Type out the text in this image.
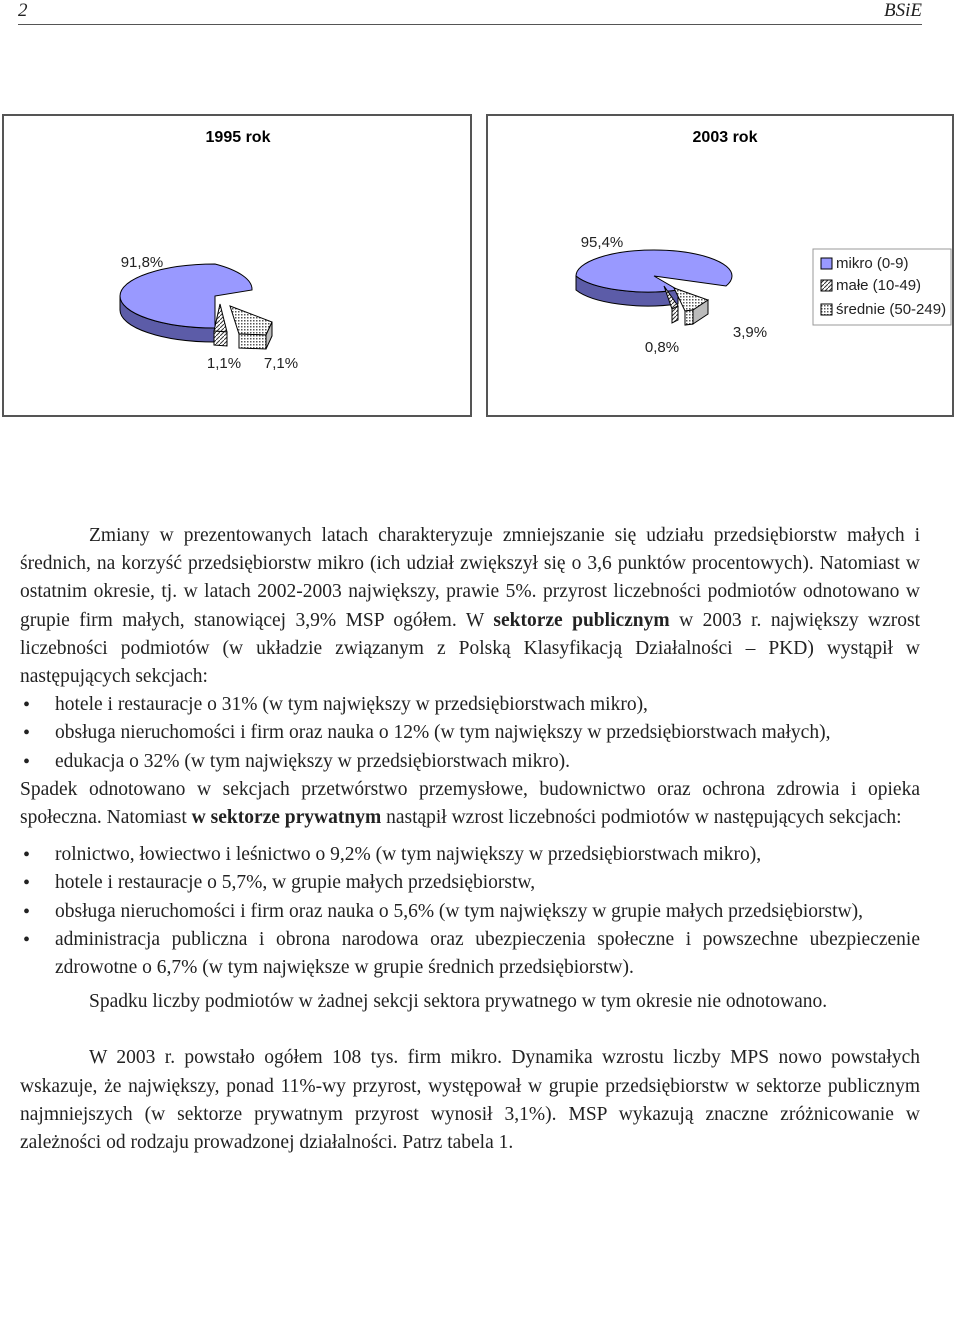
2	BSiE
1995 rok
91,8%
1,1% 7,1%
2003 rok
95,4%
0,8%
3,9%
mikro (0-9)
małe (10-49)
średnie (50-249)

Zmiany w prezentowanych latach charakteryzuje zmniejszanie się udziału przedsiębiorstw małych i średnich, na korzyść przedsiębiorstw mikro (ich udział zwiększył się o 3,6 punktów procentowych). Natomiast w ostatnim okresie, tj. w latach 2002-2003 największy, prawie 5%. przyrost liczebności podmiotów odnotowano w grupie firm małych, stanowiącej 3,9% MSP ogółem. W sektorze publicznym w 2003 r. największy wzrost liczebności podmiotów (w układzie związanym z Polską Klasyfikacją Działalności – PKD) wystąpił w następujących sekcjach:

• hotele i restauracje o 31% (w tym największy w przedsiębiorstwach mikro),
• obsługa nieruchomości i firm oraz nauka o 12% (w tym największy w przedsiębiorstwach małych),
• edukacja o 32% (w tym największy w przedsiębiorstwach mikro).

Spadek odnotowano w sekcjach przetwórstwo przemysłowe, budownictwo oraz ochrona zdrowia i opieka społeczna. Natomiast w sektorze prywatnym nastąpił wzrost liczebności podmiotów w następujących sekcjach:

• rolnictwo, łowiectwo i leśnictwo o 9,2% (w tym największy w przedsiębiorstwach mikro),
• hotele i restauracje o 5,7%, w grupie małych przedsiębiorstw,
• obsługa nieruchomości i firm oraz nauka o 5,6% (w tym największy w grupie małych przedsiębiorstw),
• administracja publiczna i obrona narodowa oraz ubezpieczenia społeczne i powszechne ubezpieczenie zdrowotne o 6,7% (w tym największe w grupie średnich przedsiębiorstw).

Spadku liczby podmiotów w żadnej sekcji sektora prywatnego w tym okresie nie odnotowano.

W 2003 r. powstało ogółem 108 tys. firm mikro. Dynamika wzrostu liczby MPS nowo powstałych wskazuje, że największy, ponad 11%-wy przyrost, występował w grupie przedsiębiorstw w sektorze publicznym najmniejszych (w sektorze prywatnym przyrost wynosił 3,1%). MSP wykazują znaczne zróżnicowanie w zależności od rodzaju prowadzonej działalności. Patrz tabela 1.
